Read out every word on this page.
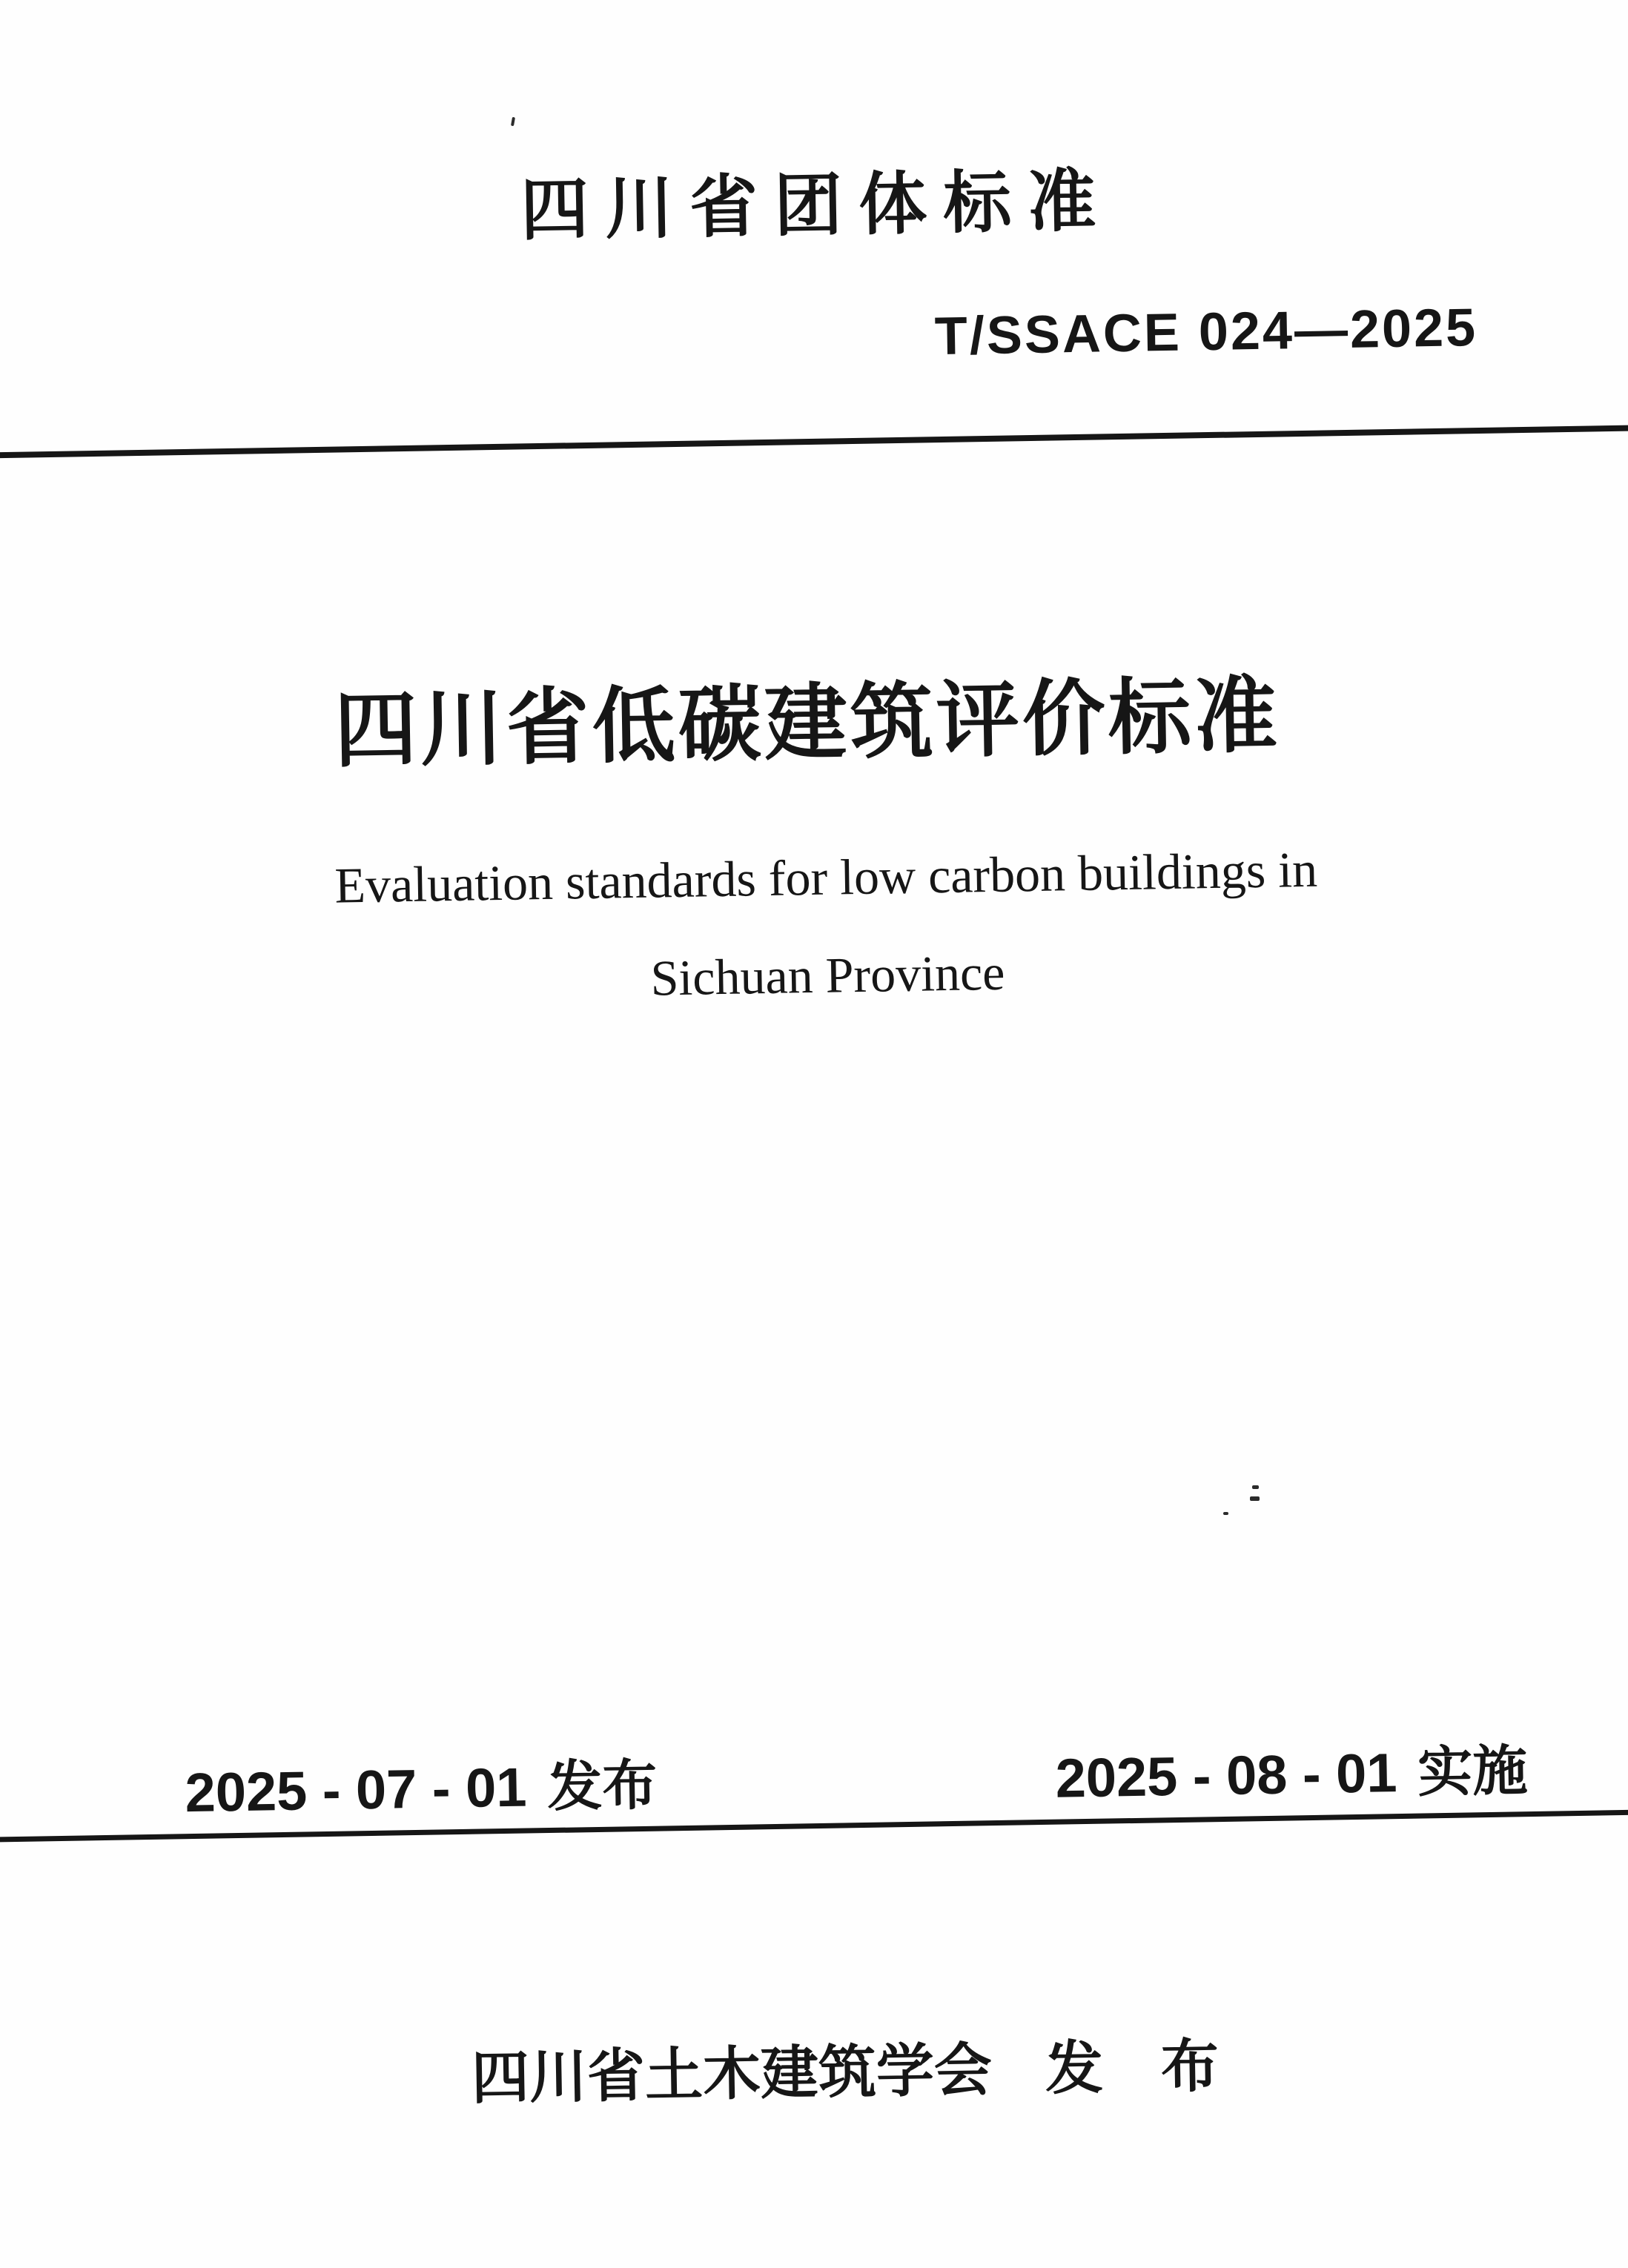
四川省团体标准
T/SSACE 024—2025
四川省低碳建筑评价标准
Evaluation standards for low carbon buildings in
Sichuan Province
2025 - 07 - 01 发布	2025 - 08 - 01 实施
四川省土木建筑学会 发　布
